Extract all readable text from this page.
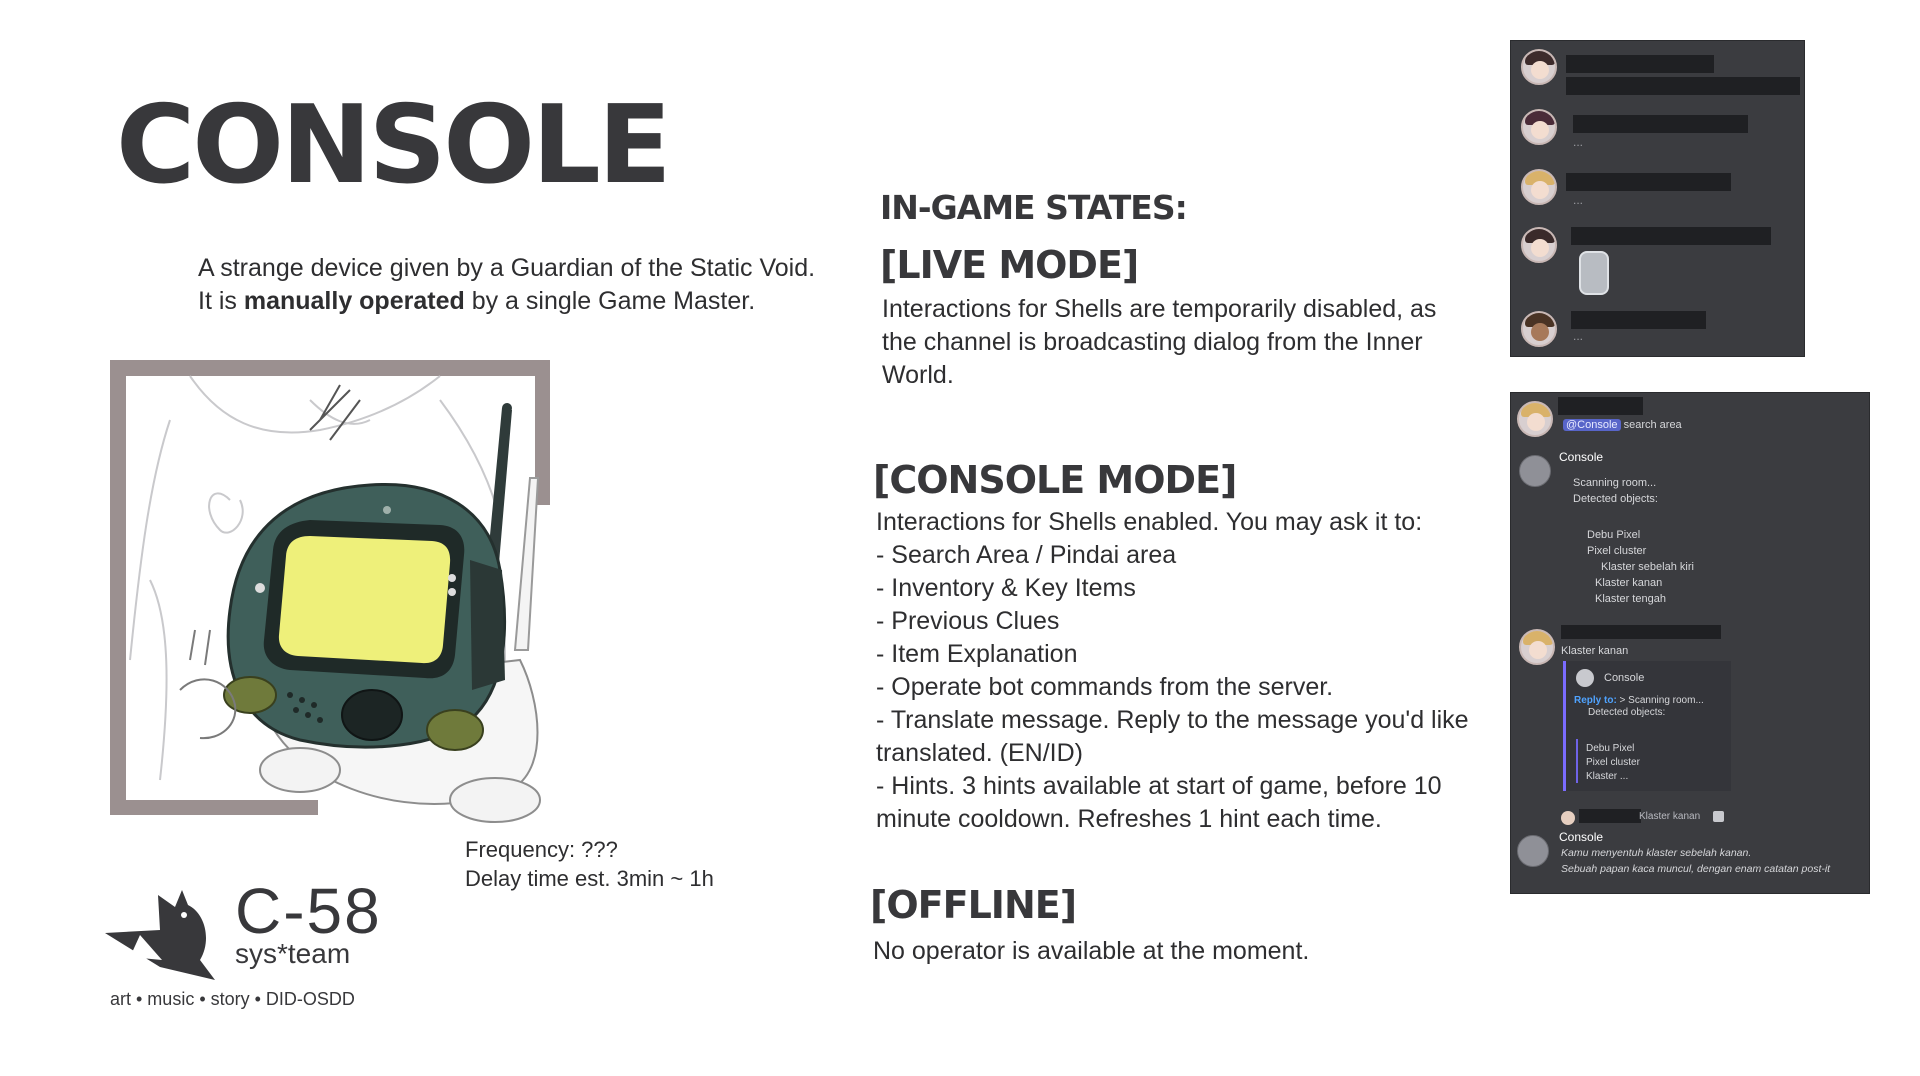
CONSOLE
A strange device given by a Guardian of the Static Void.
It is manually operated by a single Game Master.
Frequency: ???
Delay time est. 3min ~ 1h
C-58
sys*team
art • music • story • DID-OSDD
IN-GAME STATES:
[LIVE MODE]
Interactions for Shells are temporarily disabled, as the channel is broadcasting dialog from the Inner World.
[CONSOLE MODE]
Interactions for Shells enabled. You may ask it to:
- Search Area / Pindai area
- Inventory & Key Items
- Previous Clues
- Item Explanation
- Operate bot commands from the server.
- Translate message. Reply to the message you'd like
translated. (EN/ID)
- Hints. 3 hints available at start of game, before 10
minute cooldown. Refreshes 1 hint each time.
[OFFLINE]
No operator is available at the moment.
...
...
...
@Console search area
Console
Scanning room...
Detected objects:
Debu Pixel
Pixel cluster
Klaster sebelah kiri
Klaster kanan
Klaster tengah
Klaster kanan
Console
Reply to: > Scanning room...
Detected objects:
Debu Pixel
Pixel cluster
Klaster ...
Klaster kanan
Console
Kamu menyentuh klaster sebelah kanan.
Sebuah papan kaca muncul, dengan enam catatan post-it
